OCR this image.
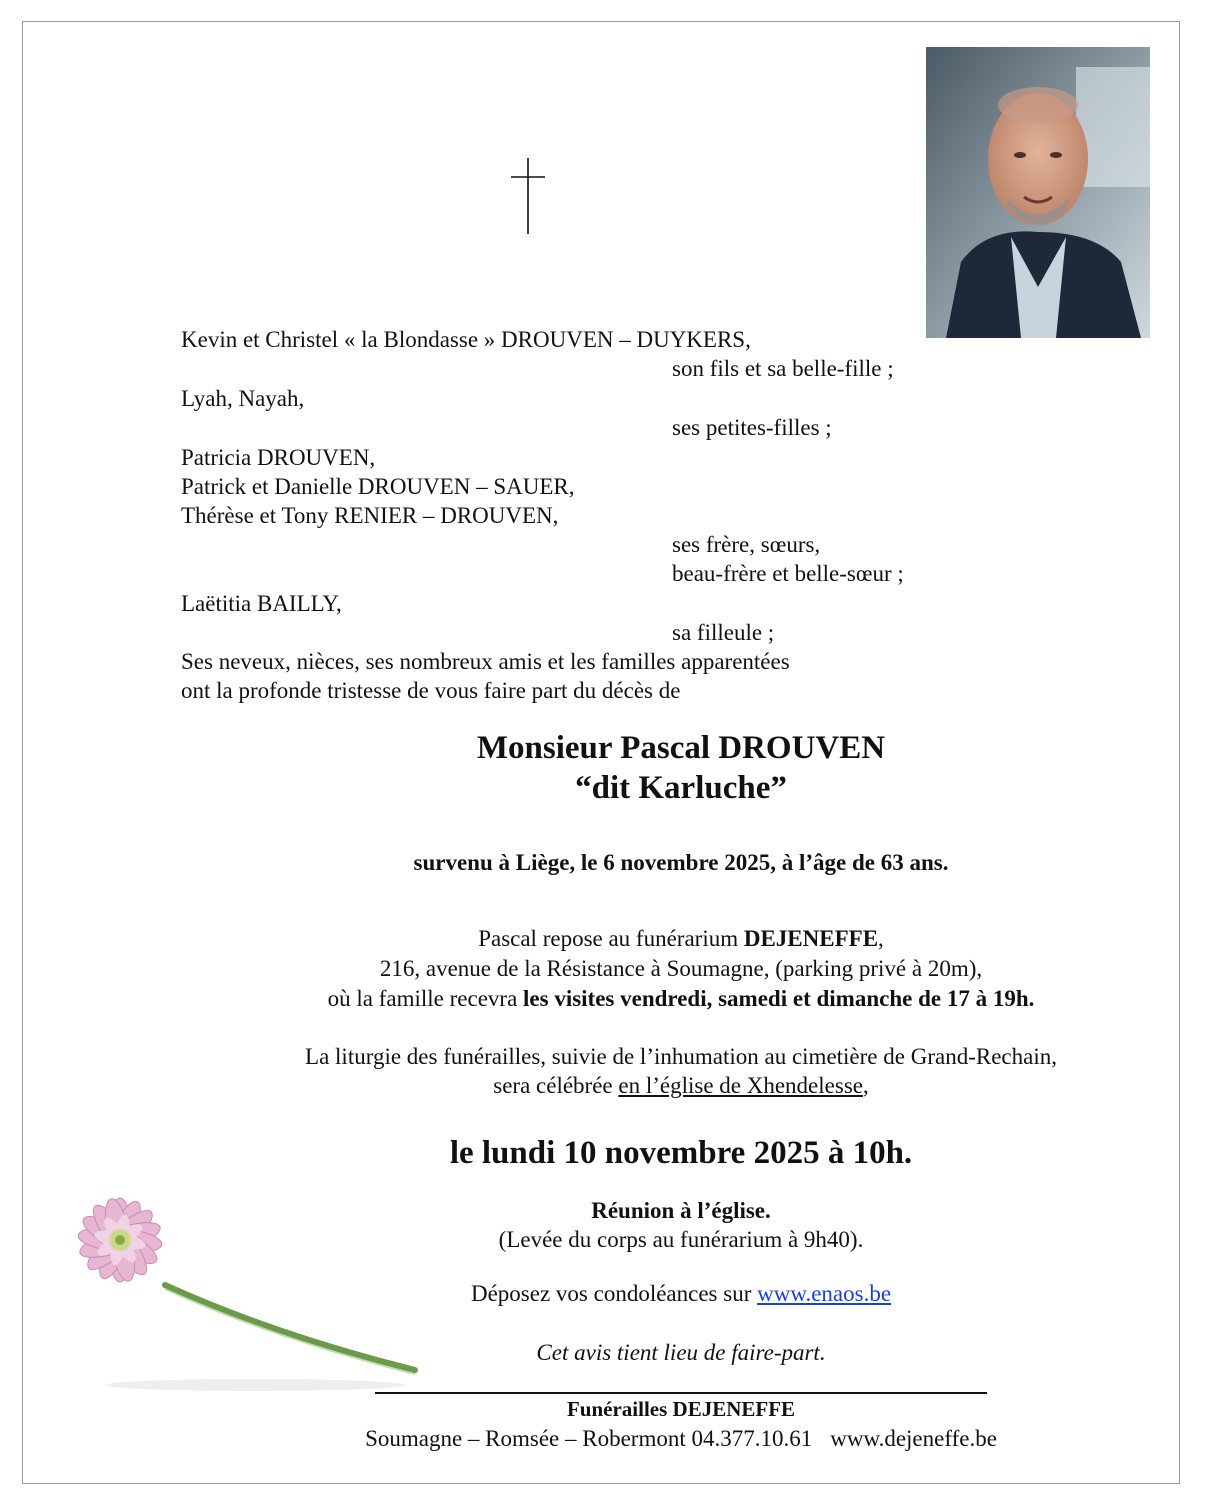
Kevin et Christel « la Blondasse » DROUVEN – DUYKERS,
son fils et sa belle-fille ;
Lyah, Nayah,
ses petites-filles ;
Patricia DROUVEN,
Patrick et Danielle DROUVEN – SAUER,
Thérèse et Tony RENIER – DROUVEN,
ses frère, sœurs,
beau-frère et belle-sœur ;
Laëtitia BAILLY,
sa filleule ;
Ses neveux, nièces, ses nombreux amis et les familles apparentées
ont la profonde tristesse de vous faire part du décès de
Monsieur Pascal DROUVEN
“dit Karluche”
survenu à Liège, le 6 novembre 2025, à l’âge de 63 ans.
Pascal repose au funérarium DEJENEFFE,
216, avenue de la Résistance à Soumagne, (parking privé à 20m),
où la famille recevra les visites vendredi, samedi et dimanche de 17 à 19h.
La liturgie des funérailles, suivie de l’inhumation au cimetière de Grand-Rechain,
sera célébrée en l’église de Xhendelesse,
le lundi 10 novembre 2025 à 10h.
Réunion à l’église.
(Levée du corps au funérarium à 9h40).
Déposez vos condoléances sur www.enaos.be
Cet avis tient lieu de faire-part.
Funérailles DEJENEFFE
Soumagne – Romsée – Robermont 04.377.10.61 www.dejeneffe.be
